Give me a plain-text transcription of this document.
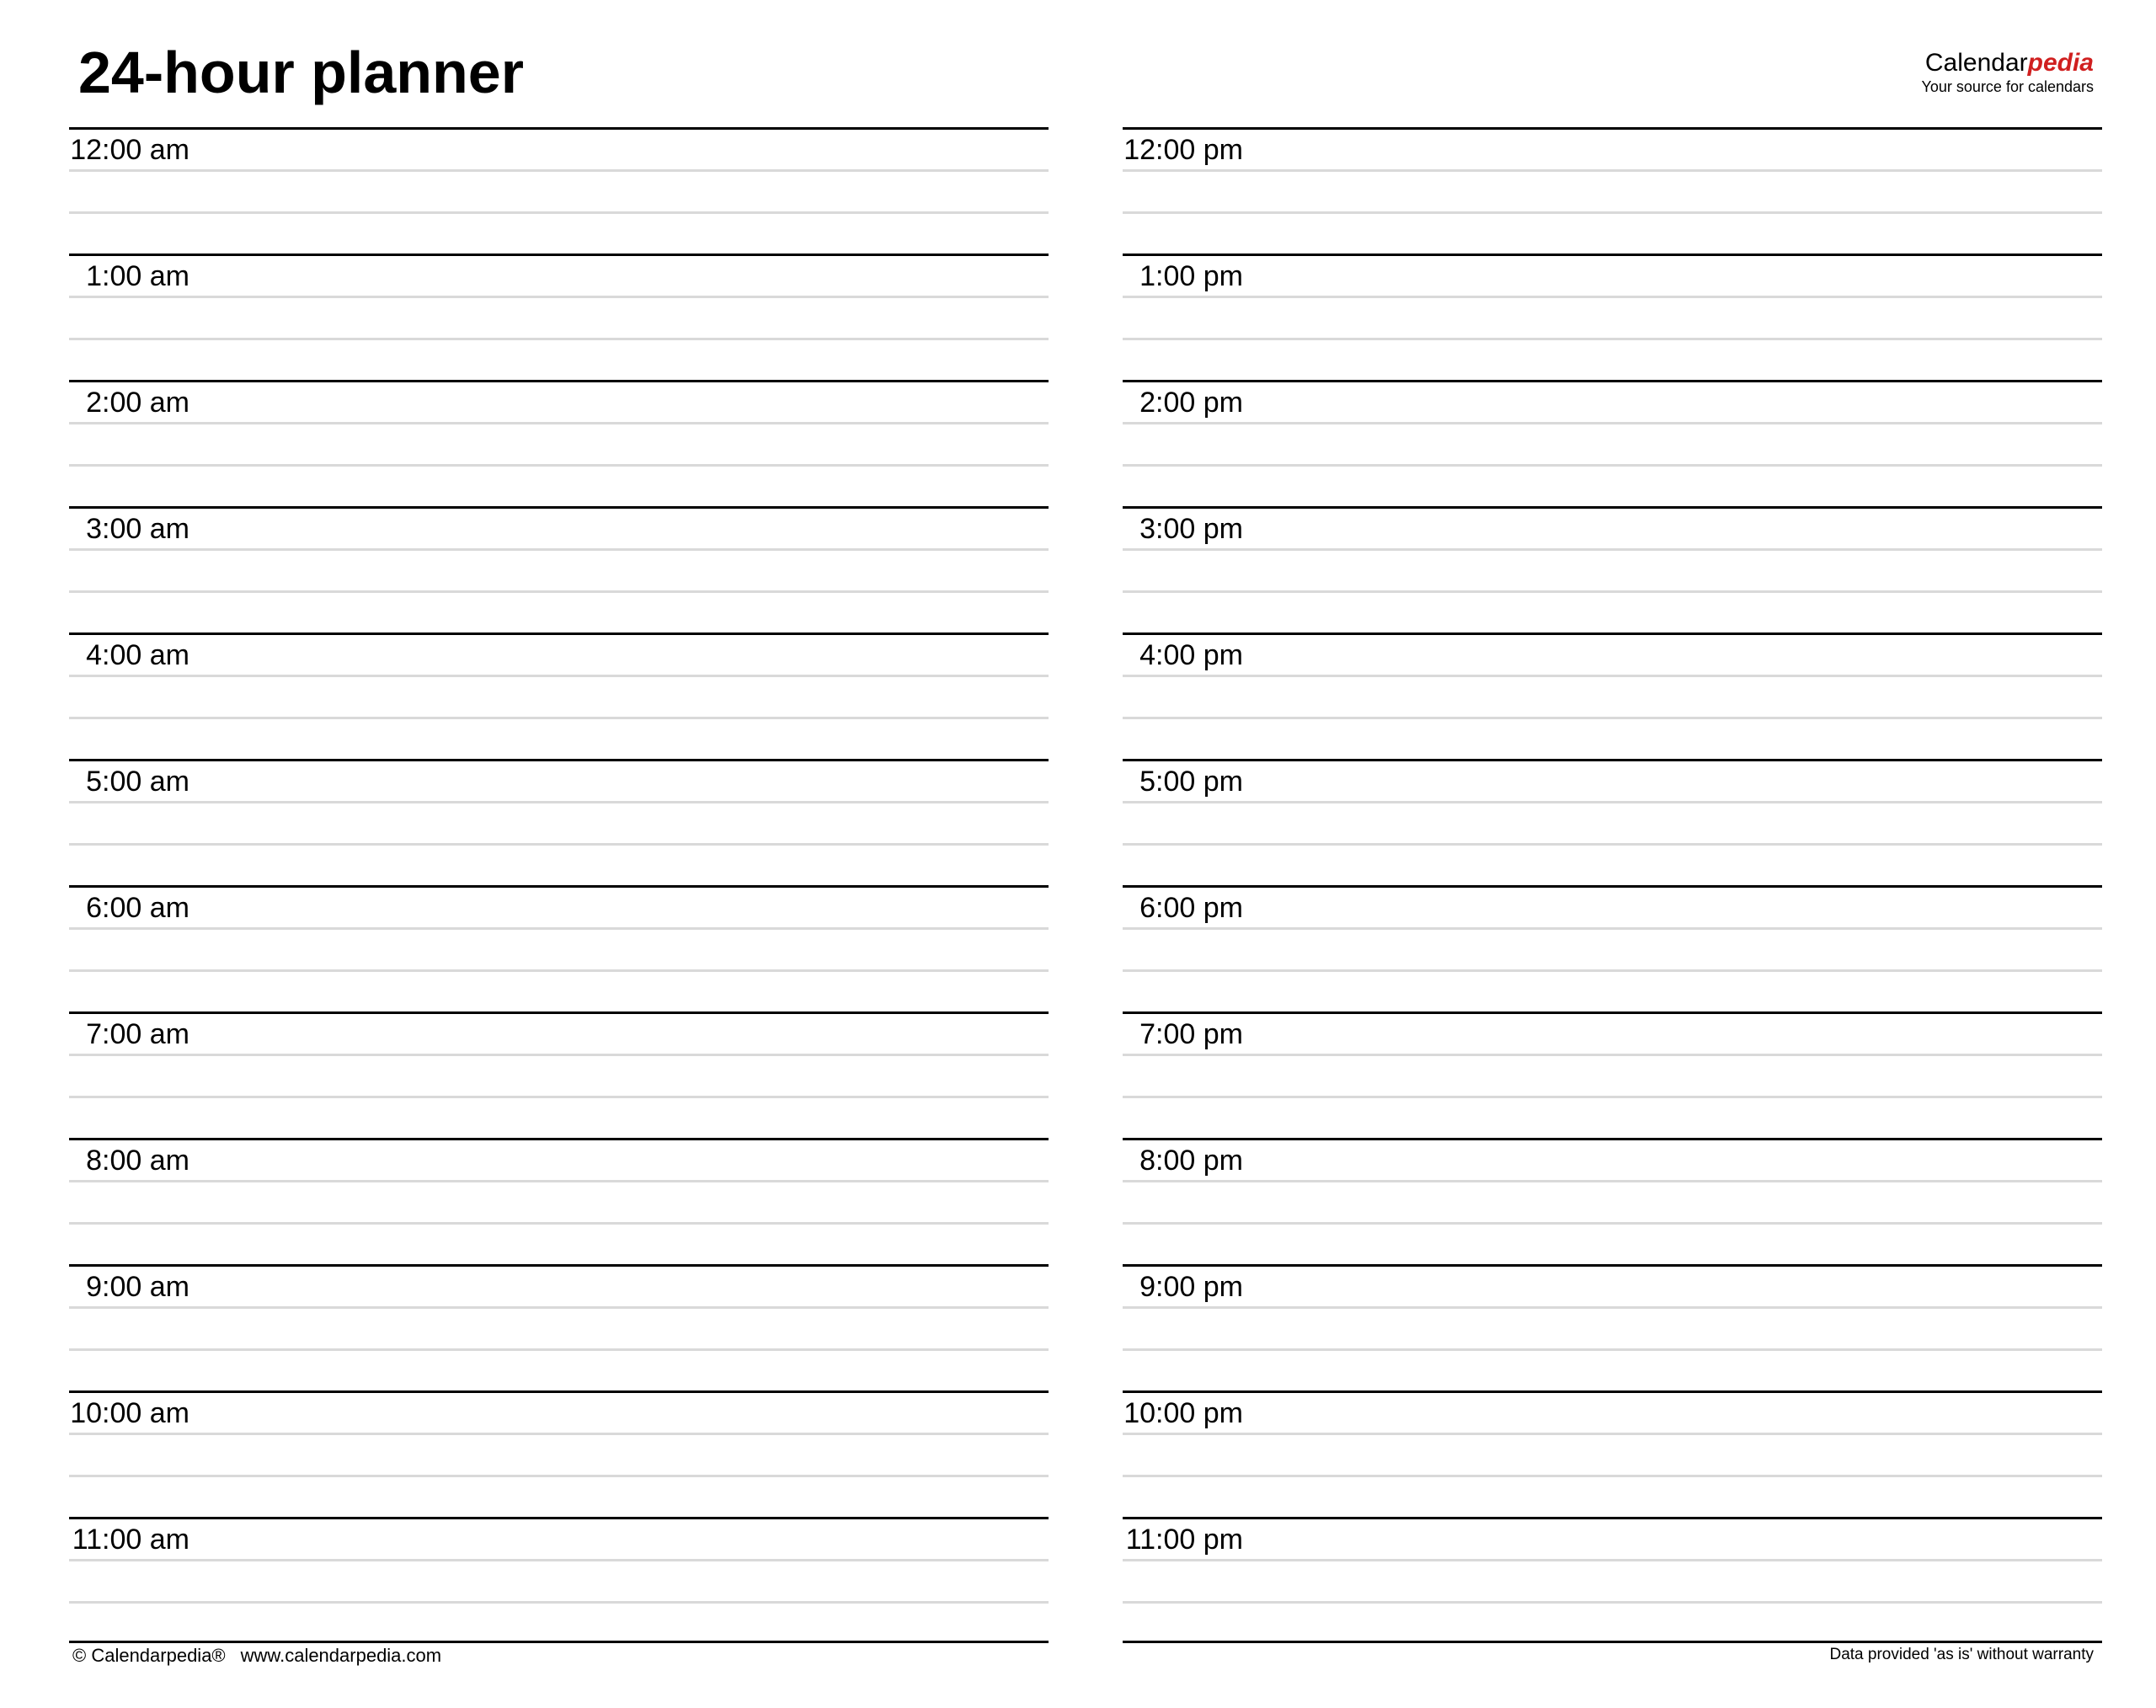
24-hour planner	Calendarpedia
Your source for calendars
12:00 am
1:00 am
2:00 am
3:00 am
4:00 am
5:00 am
6:00 am
7:00 am
8:00 am
9:00 am
10:00 am
11:00 am
12:00 pm
1:00 pm
2:00 pm
3:00 pm
4:00 pm
5:00 pm
6:00 pm
7:00 pm
8:00 pm
9:00 pm
10:00 pm
11:00 pm
© Calendarpedia® www.calendarpedia.com	Data provided 'as is' without warranty
